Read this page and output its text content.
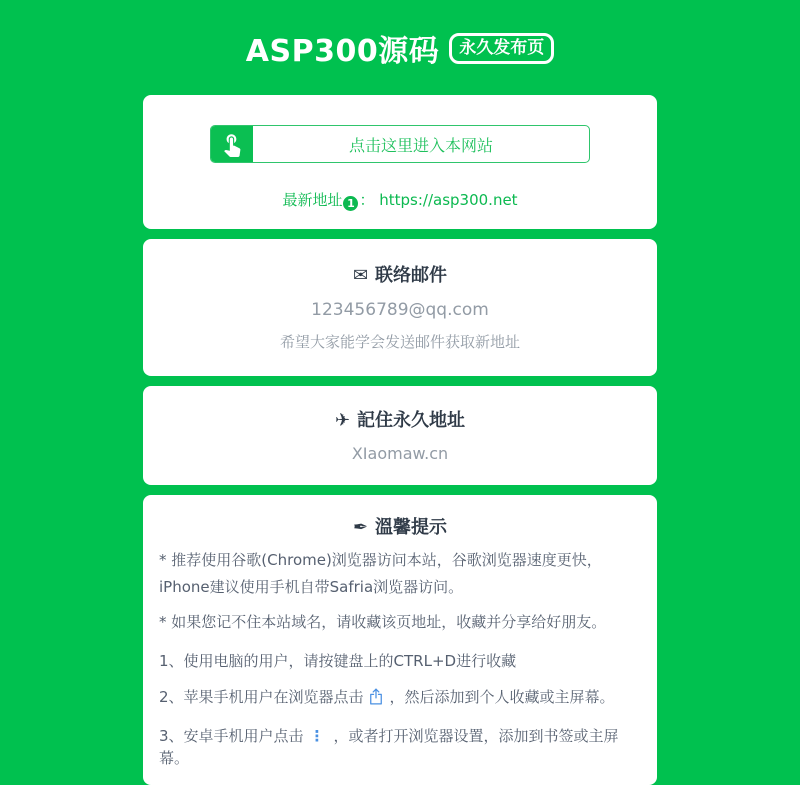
ASP300源码	永久发布页
点击这里进入本网站

最新地址 1 ： https://asp300.net

✉ 联络邮件

123456789@qq.com

希望大家能学会发送邮件获取新地址

✈ 記住永久地址

XIaomaw.cn

✒ 溫馨提示

* 推荐使用谷歌(Chrome)浏览器访问本站，谷歌浏览器速度更快，iPhone建议使用手机自带Safria浏览器访问。

* 如果您记不住本站域名，请收藏该页地址，收藏并分享给好朋友。

1、使用电脑的用户，请按键盘上的CTRL+D进行收藏

2、苹果手机用户在浏览器点击 ，然后添加到个人收藏或主屏幕。

3、安卓手机用户点击 ⋮ ，或者打开浏览器设置，添加到书签或主屏幕。
